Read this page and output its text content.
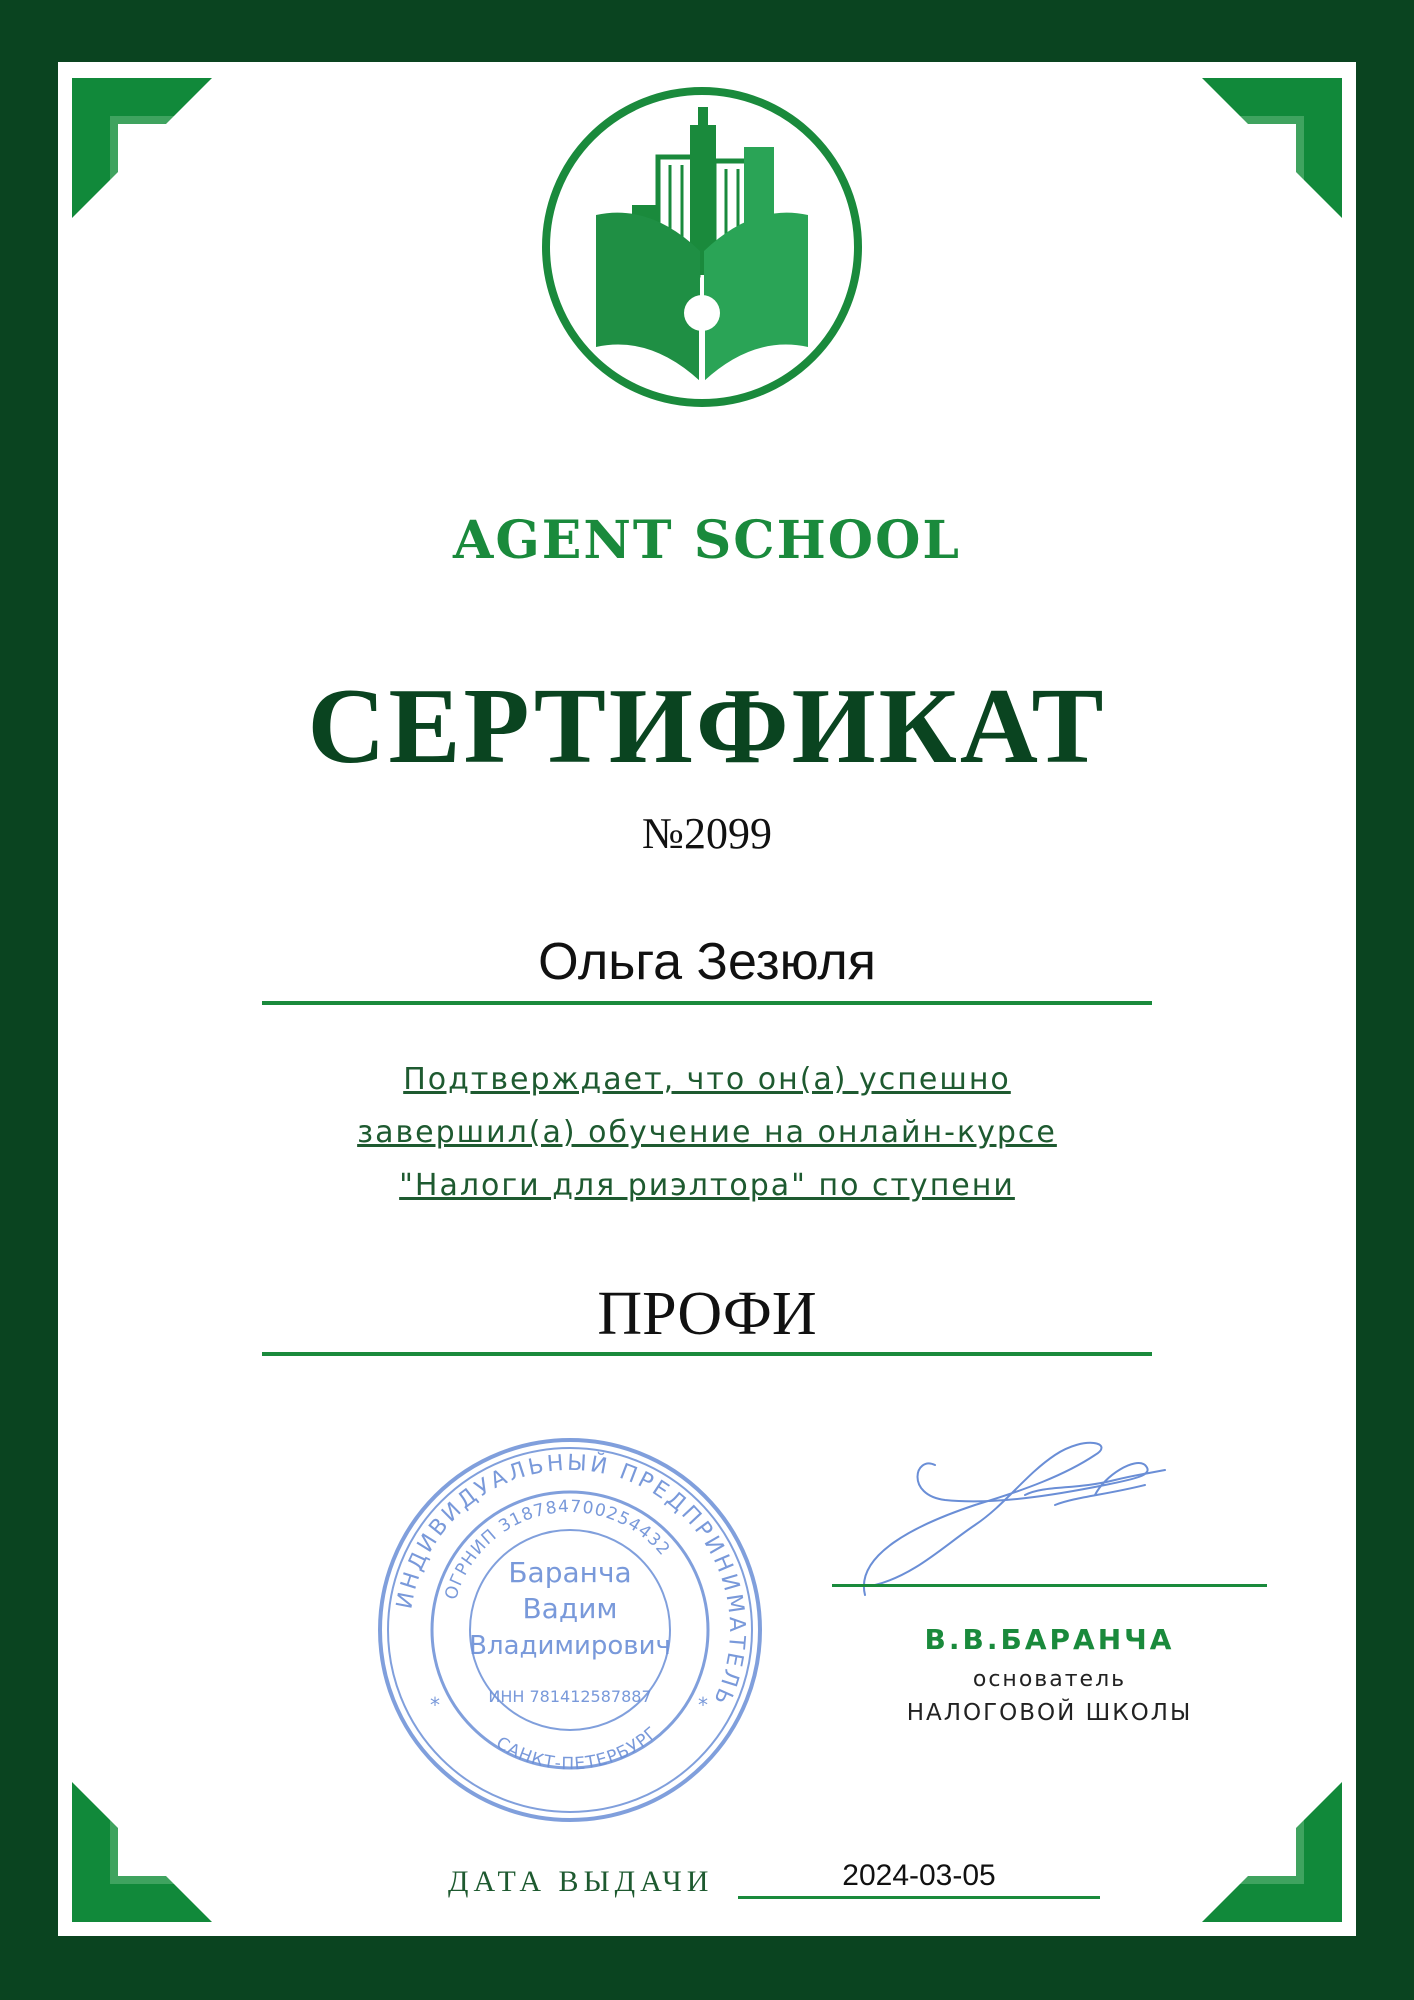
AGENT SCHOOL
СЕРТИФИКАТ
№2099
Ольга Зезюля
Подтверждает, что он(а) успешно
завершил(а) обучение на онлайн-курсе
"Налоги для риэлтора" по ступени
ПРОФИ
ИНДИВИДУАЛЬНЫЙ ПРЕДПРИНИМАТЕЛЬ
ОГРНИП 318784700254432
САНКТ-ПЕТЕРБУРГ
Баранча
Вадим
Владимирович
ИНН 781412587887
*	*
В.В.БАРАНЧА
основатель
НАЛОГОВОЙ ШКОЛЫ
ДАТА ВЫДАЧИ	2024-03-05
